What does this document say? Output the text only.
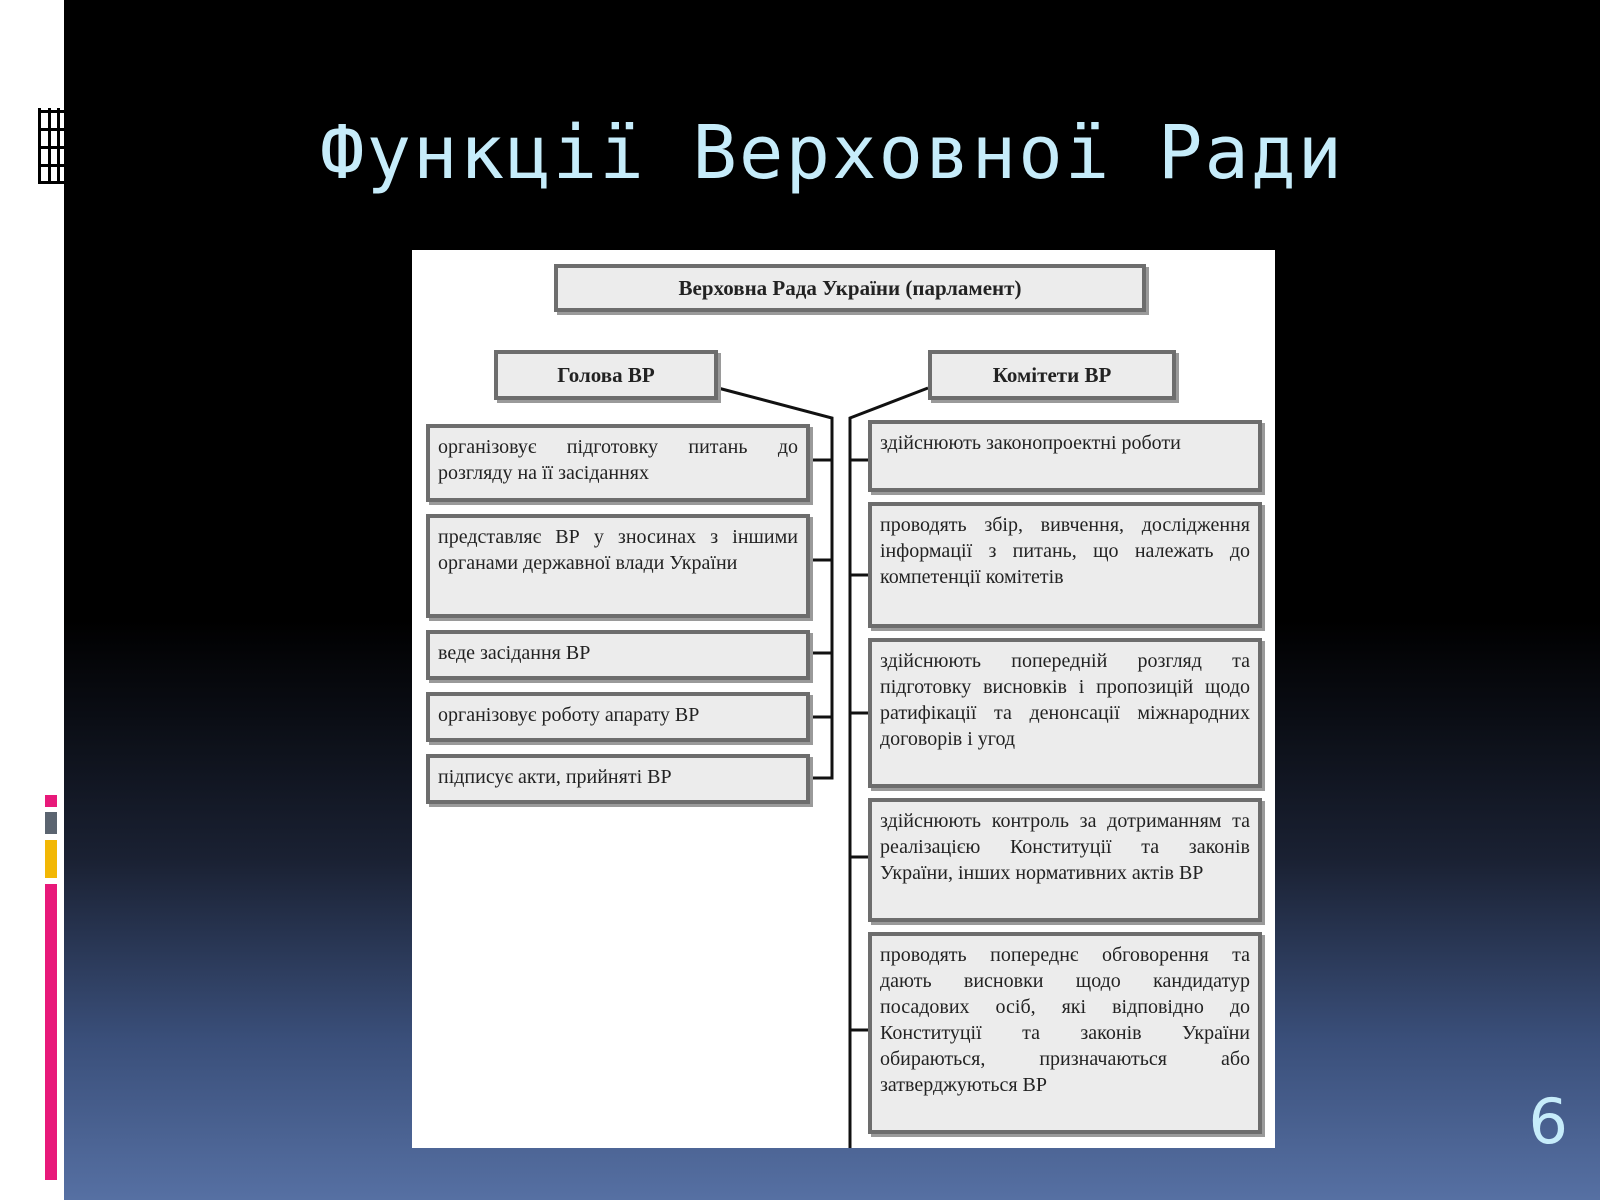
Функції Верховної Ради
Верховна Рада України (парламент)
Голова ВР	Комітети ВР
організовує підготовку питань до розгляду на її засіданнях
представляє ВР у зносинах з іншими органами державної влади України
веде засідання ВР
організовує роботу апарату ВР
підписує акти, прийняті ВР
здійснюють законопроектні роботи
проводять збір, вивчення, дослідження інформації з питань, що належать до компетенції комітетів
здійснюють попередній розгляд та підготовку висновків і пропозицій щодо ратифікації та денонсації міжнародних договорів і угод
здійснюють контроль за дотриманням та реалізацією Конституції та законів України, інших нормативних актів ВР
проводять попереднє обговорення та дають висновки щодо кандидатур посадових осіб, які відповідно до Конституції та законів України обираються, призначаються або затверджуються ВР	6
